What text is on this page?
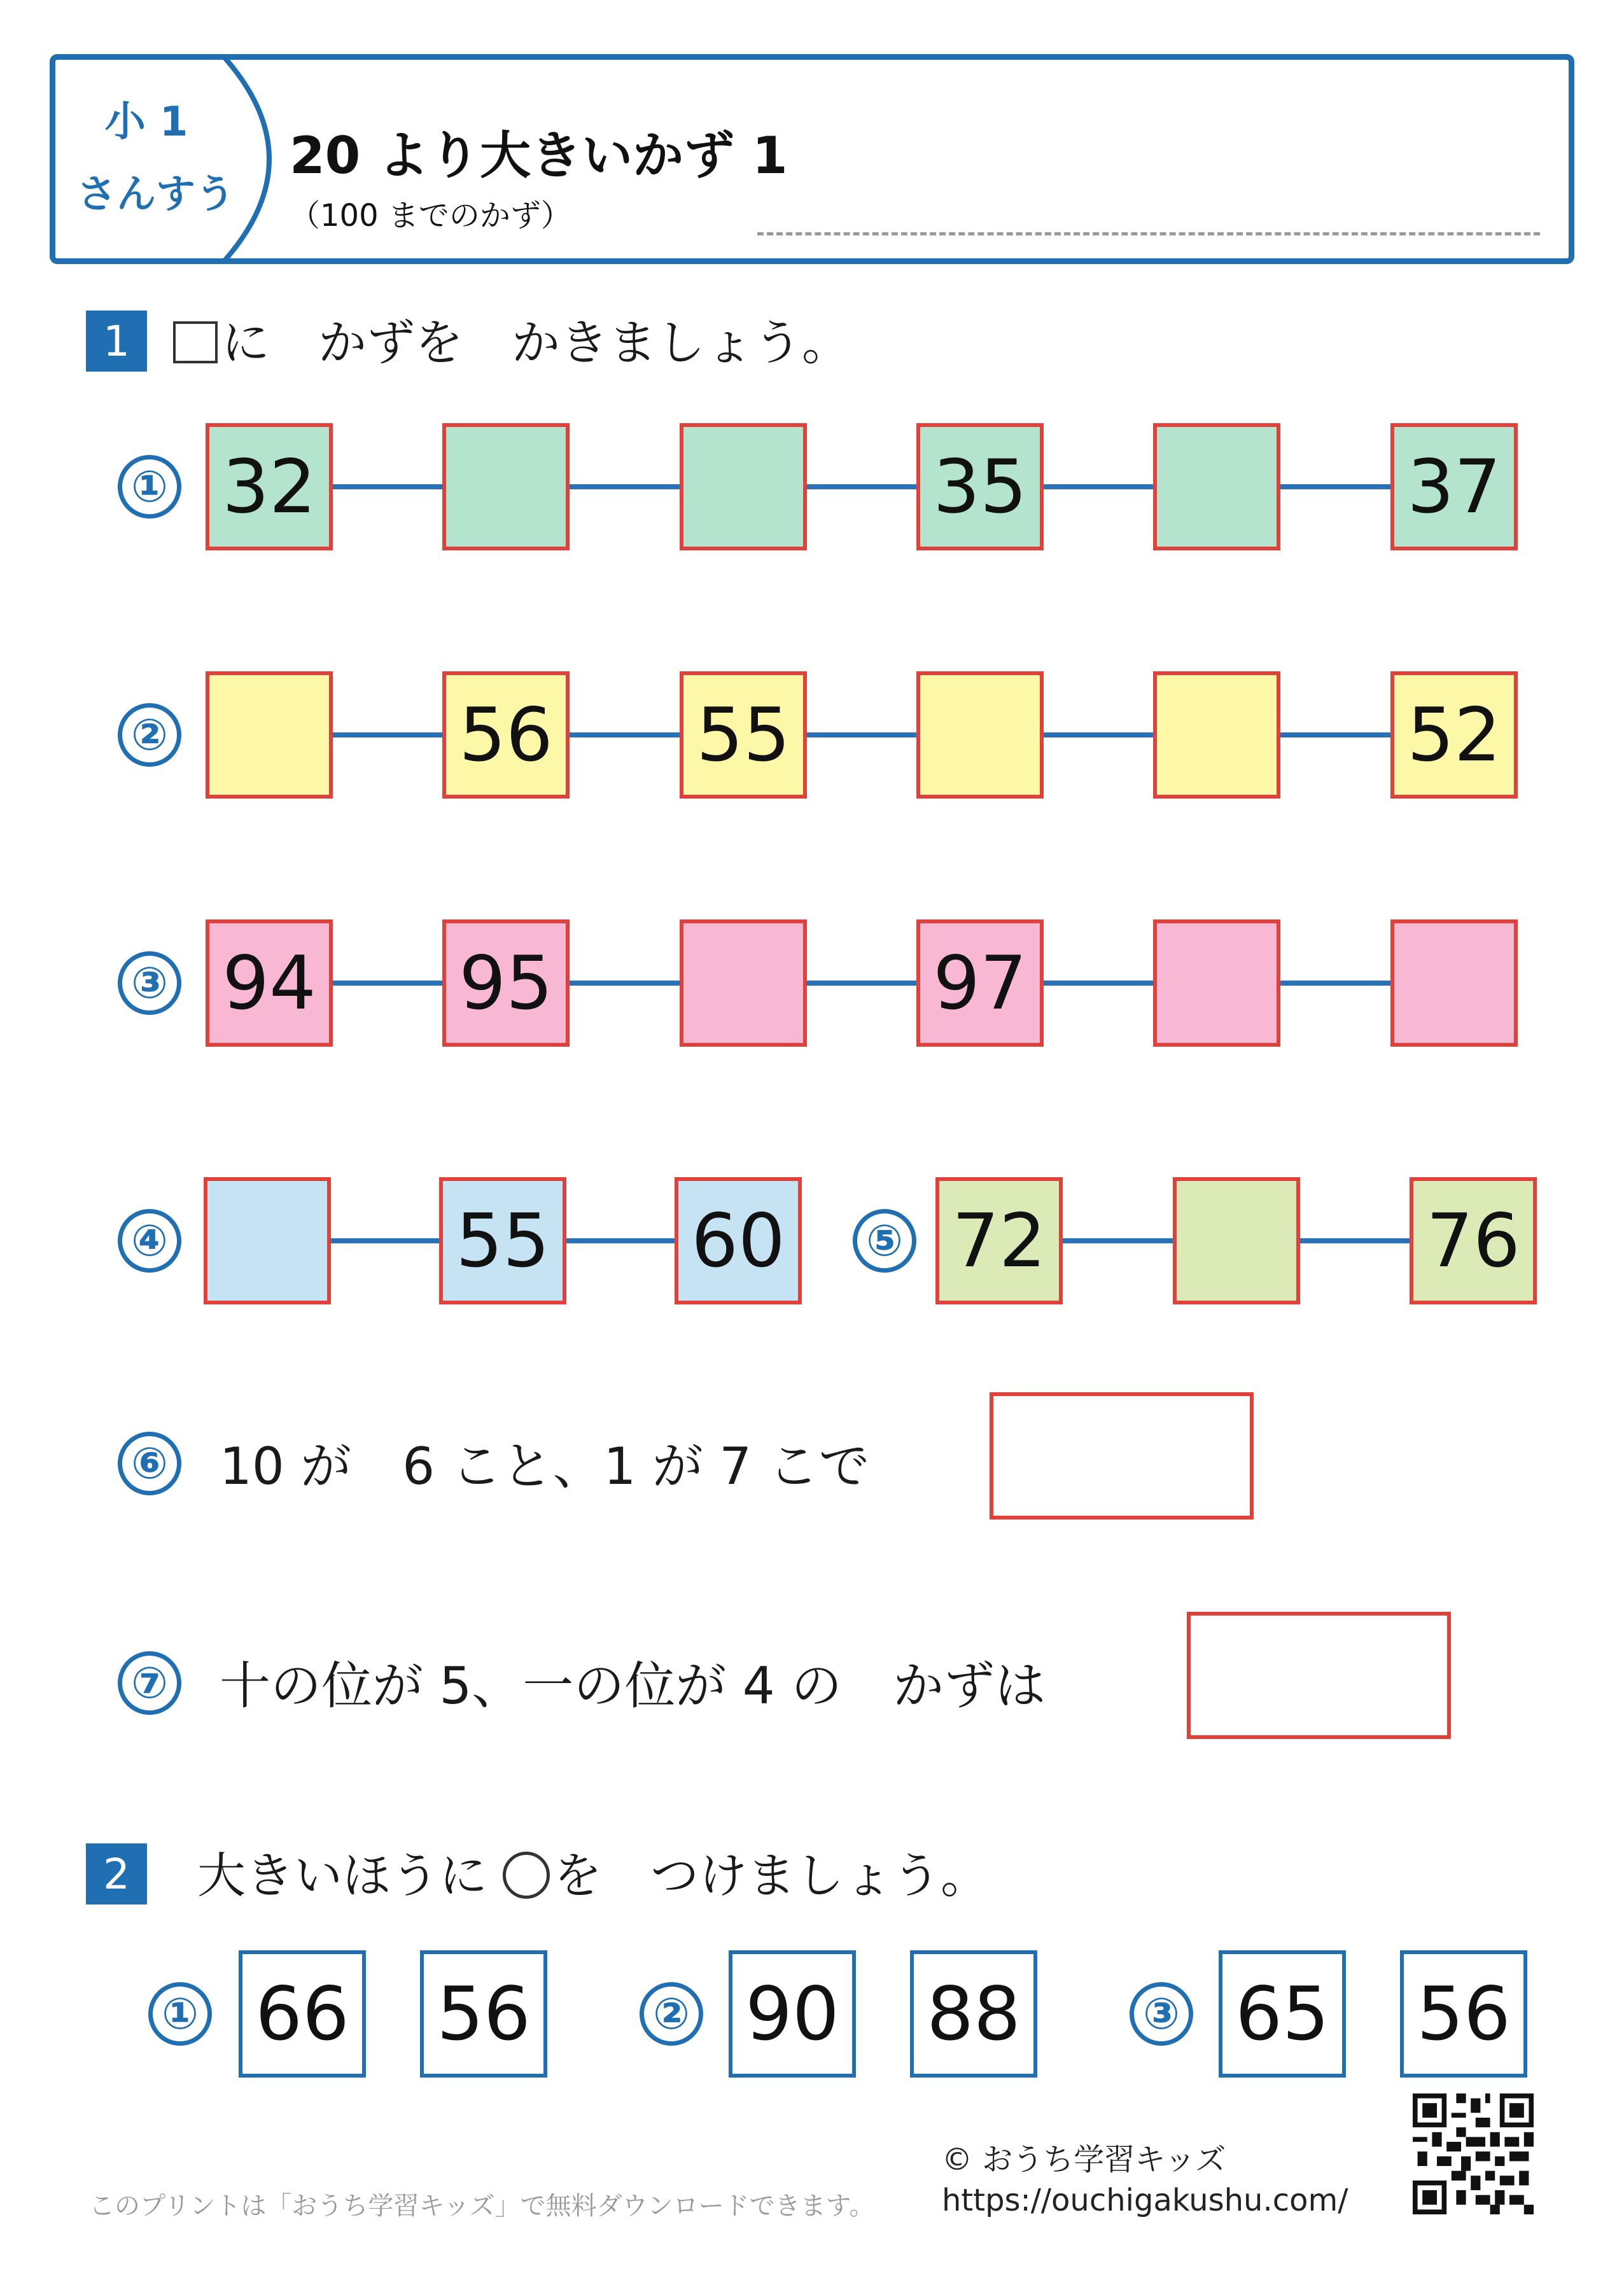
小 1
さんすう
20 より大きいかず 1
（100 までのかず）
1	に　かずを　かきましょう。
① 32	35	37
②	56 55	52
③ 94 95	97
④	55 60	⑤ 72	76
⑥ 10 が　6 こと、1 が 7 こで
⑦ 十の位が 5、一の位が 4 の　かずは
2	大きいほうに を　つけましょう。
① 66 56	② 90 88	③ 65 56
このプリントは「おうち学習キッズ」で無料ダウンロードできます。
© おうち学習キッズ
https://ouchigakushu.com/
